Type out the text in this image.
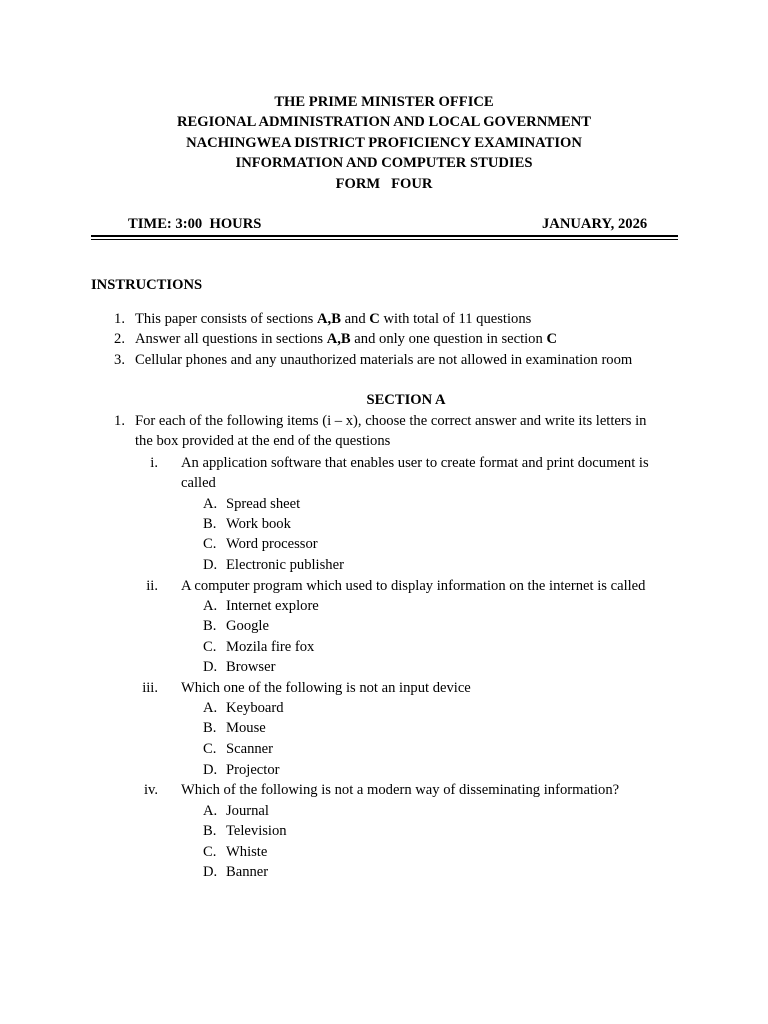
THE PRIME MINISTER OFFICE
REGIONAL ADMINISTRATION AND LOCAL GOVERNMENT
NACHINGWEA DISTRICT PROFICIENCY EXAMINATION
INFORMATION AND COMPUTER STUDIES
FORM   FOUR
TIME: 3:00  HOURS	JANUARY, 2026
INSTRUCTIONS
1. This paper consists of sections A,B and C with total of 11 questions
2. Answer all questions in sections A,B and only one question in section C
3. Cellular phones and any unauthorized materials are not allowed in examination room
SECTION A
1. For each of the following items (i – x), choose the correct answer and write its letters in
the box provided at the end of the questions
i. An application software that enables user to create format and print document is
called
A. Spread sheet
B. Work book
C. Word processor
D. Electronic publisher
ii. A computer program which used to display information on the internet is called
A. Internet explore
B. Google
C. Mozila fire fox
D. Browser
iii. Which one of the following is not an input device
A. Keyboard
B. Mouse
C. Scanner
D. Projector
iv. Which of the following is not a modern way of disseminating information?
A. Journal
B. Television
C. Whiste
D. Banner
